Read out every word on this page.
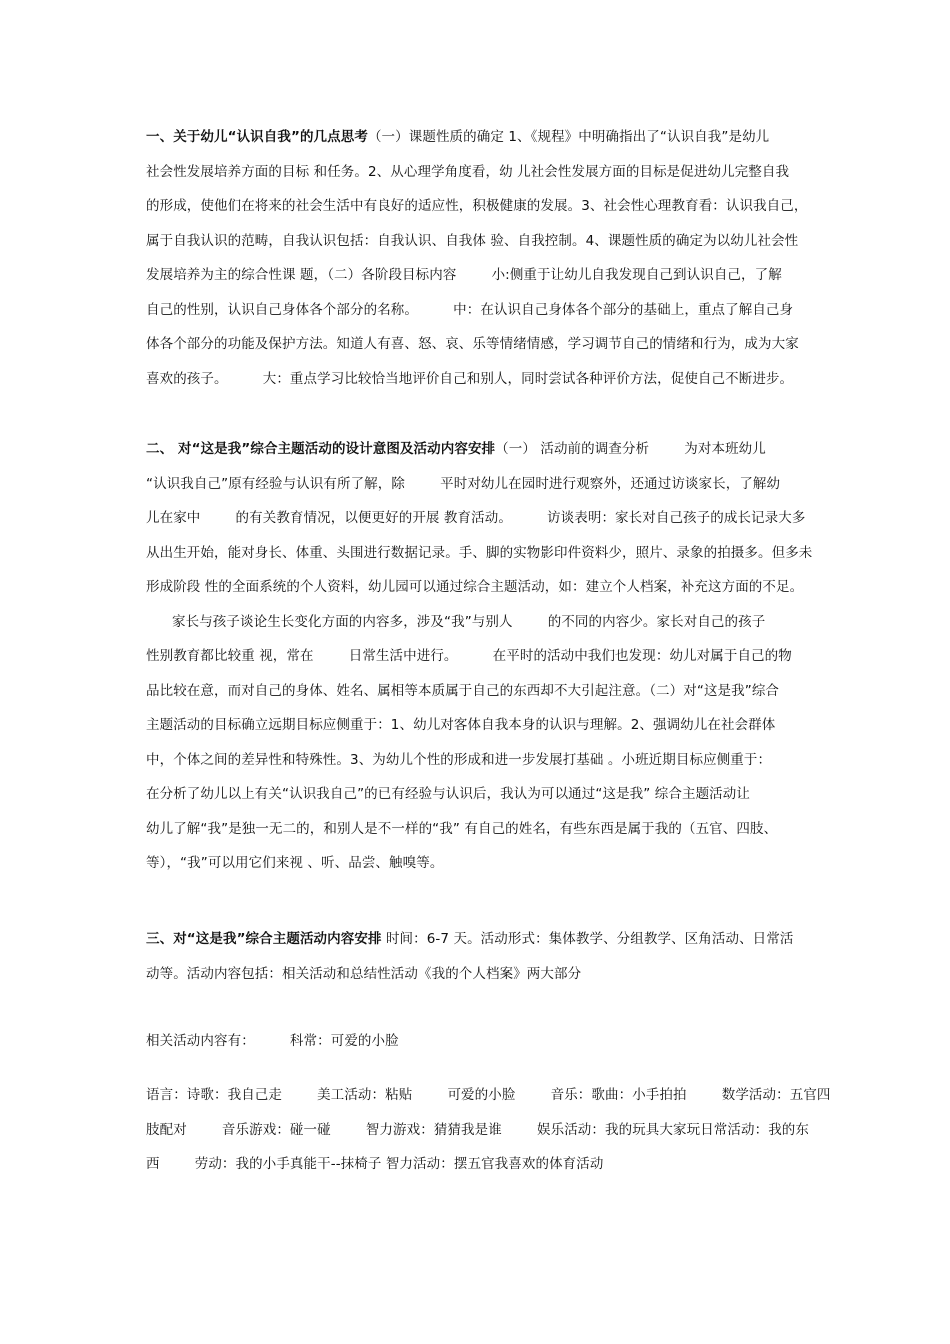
一、关于幼儿“认识自我”的几点思考（一）课题性质的确定 1、《规程》中明确指出了“认识自我”是幼儿
社会性发展培养方面的目标 和任务。2、从心理学角度看，幼 儿社会性发展方面的目标是促进幼儿完整自我
的形成，使他们在将来的社会生活中有良好的适应性，积极健康的发展。3、社会性心理教育看：认识我自己，
属于自我认识的范畴，自我认识包括：自我认识、自我体 验、自我控制。4、课题性质的确定为以幼儿社会性
发展培养为主的综合性课 题，（二）各阶段目标内容        小:侧重于让幼儿自我发现自己到认识自己，了解
自己的性别，认识自己身体各个部分的名称。        中：在认识自己身体各个部分的基础上，重点了解自己身
体各个部分的功能及保护方法。知道人有喜、怒、哀、乐等情绪情感，学习调节自己的情绪和行为，成为大家
喜欢的孩子。        大：重点学习比较恰当地评价自己和别人，同时尝试各种评价方法，促使自己不断进步。
二、 对“这是我”综合主题活动的设计意图及活动内容安排（一） 活动前的调查分析        为对本班幼儿
“认识我自己”原有经验与认识有所了解，除        平时对幼儿在园时进行观察外，还通过访谈家长，了解幼
儿在家中        的有关教育情况，以便更好的开展 教育活动。        访谈表明：家长对自己孩子的成长记录大多
从出生开始，能对身长、体重、头围进行数据记录。手、脚的实物影印件资料少，照片、录象的拍摄多。但多未
形成阶段 性的全面系统的个人资料，幼儿园可以通过综合主题活动，如：建立个人档案，补充这方面的不足。
家长与孩子谈论生长变化方面的内容多，涉及“我”与别人        的不同的内容少。家长对自己的孩子
性别教育都比较重 视，常在        日常生活中进行。        在平时的活动中我们也发现：幼儿对属于自己的物
品比较在意，而对自己的身体、姓名、属相等本质属于自己的东西却不大引起注意。（二）对“这是我”综合
主题活动的目标确立远期目标应侧重于：1、幼儿对客体自我本身的认识与理解。2、强调幼儿在社会群体
中，个体之间的差异性和特殊性。3、为幼儿个性的形成和进一步发展打基础 。小班近期目标应侧重于：
在分析了幼儿以上有关“认识我自己”的已有经验与认识后，我认为可以通过“这是我” 综合主题活动让
幼儿了解“我”是独一无二的，和别人是不一样的“我” 有自己的姓名，有些东西是属于我的（五官、四肢、
等），“我”可以用它们来视 、听、品尝、触嗅等。
三、对“这是我”综合主题活动内容安排 时间：6-7 天。活动形式：集体教学、分组教学、区角活动、日常活
动等。活动内容包括：相关活动和总结性活动《我的个人档案》两大部分
相关活动内容有：        科常：可爱的小脸
语言：诗歌：我自己走        美工活动：粘贴        可爱的小脸        音乐：歌曲：小手拍拍        数学活动：五官四
肢配对        音乐游戏：碰一碰        智力游戏：猜猜我是谁        娱乐活动：我的玩具大家玩日常活动：我的东
西        劳动：我的小手真能干--抹椅子 智力活动：摆五官我喜欢的体育活动
